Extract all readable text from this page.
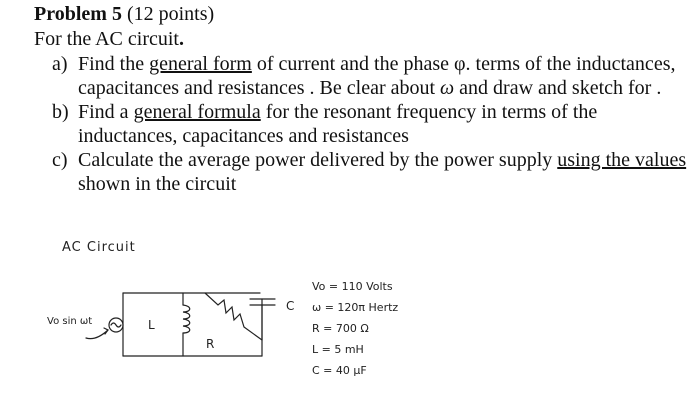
Problem 5 (12 points)
For the AC circuit.
a) Find the general form of current and the phase φ. terms of the inductances, capacitances and resistances . Be clear about ω and draw and sketch for .
b) Find a general formula for the resonant frequency in terms of the inductances, capacitances and resistances
c) Calculate the average power delivered by the power supply using the values shown in the circuit
AC Circuit
Vo sin ωt	L
R
C
Vo = 110 Volts
ω = 120π Hertz
R = 700 Ω
L = 5 mH
C = 40 μF
